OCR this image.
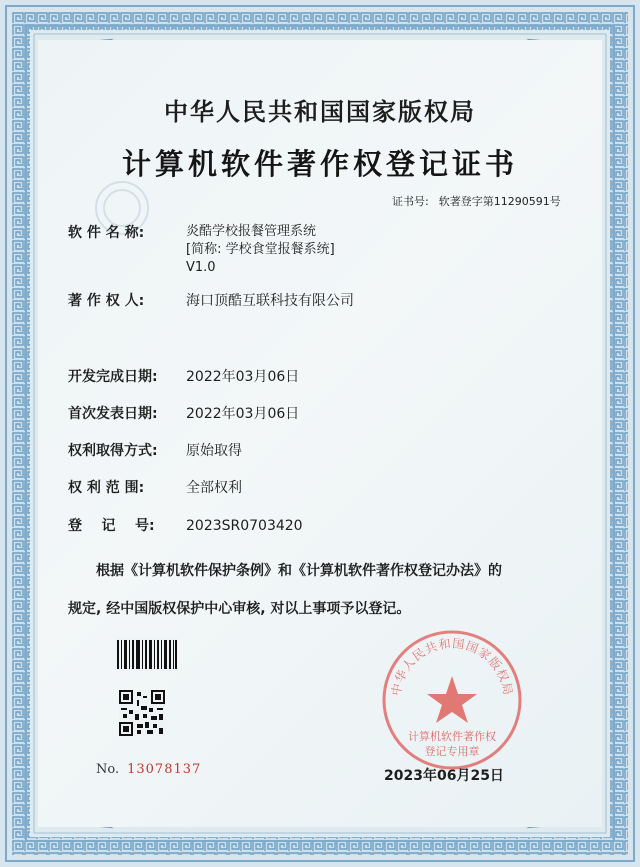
中华人民共和国国家版权局
计算机软件著作权登记证书
证书号: 软著登字第11290591号
软 件 名 称:	炎酷学校报餐管理系统
[简称: 学校食堂报餐系统]
V1.0
著 作 权 人:	海口顶酷互联科技有限公司
开发完成日期: 2022年03月06日
首次发表日期: 2022年03月06日
权利取得方式: 原始取得
权 利 范 围:	全部权利
登    记    号: 2023SR0703420
根据《计算机软件保护条例》和《计算机软件著作权登记办法》的
规定, 经中国版权保护中心审核, 对以上事项予以登记。
No. 13078137
中华人民共和国国家版权局
计算机软件著作权
登记专用章
2023年06月25日
